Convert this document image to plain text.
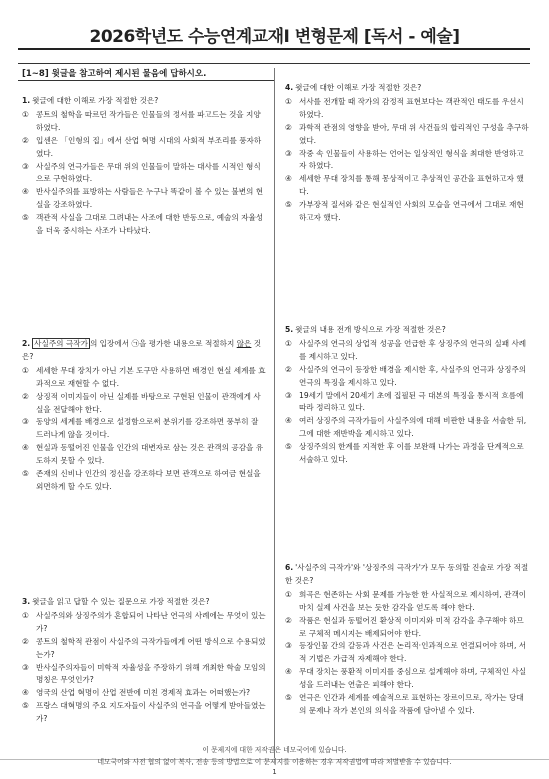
2026학년도 수능연계교재Ⅰ 변형문제 [독서 - 예술]
[1~8] 윗글을 참고하여 제시된 물음에 답하시오.
1. 윗글에 대한 이해로 가장 적절한 것은?
① 콩트의 철학을 따르던 작가들은 인물들의 정서를 파고드는 것을 지양하였다.
② 입센은 「인형의 집」에서 산업 혁명 시대의 사회적 부조리를 풍자하였다.
③ 사실주의 연극가들은 무대 위의 인물들이 말하는 대사를 시적인 형식으로 구현하였다.
④ 반사실주의를 표방하는 사람들은 누구나 똑같이 볼 수 있는 불변의 현실을 강조하였다.
⑤ 객관적 사실을 그대로 그려내는 사조에 대한 반동으로, 예술의 자율성을 더욱 중시하는 사조가 나타났다.
2. 사실주의 극작가 의 입장에서 ㉠을 평가한 내용으로 적절하지 않은 것은?
① 세세한 무대 장치가 아닌 기본 도구만 사용하면 배경인 현실 세계를 효과적으로 재현할 수 없다.
② 상징적 이미지들이 아닌 실제를 바탕으로 구현된 인물이 관객에게 사실을 전달해야 한다.
③ 동양의 세계를 배경으로 설정함으로써 분위기를 강조하면 풍부히 잘 드러나게 않을 것이다.
④ 현실과 동떨어진 인물을 인간의 대변자로 삼는 것은 관객의 공감을 유도하지 못할 수 있다.
⑤ 존재의 신비나 인간의 정신을 강조하다 보면 관객으로 하여금 현실을 외면하게 할 수도 있다.
3. 윗글을 읽고 답할 수 있는 질문으로 가장 적절한 것은?
① 사실주의와 상징주의가 혼합되어 나타난 연극의 사례에는 무엇이 있는가?
② 콩트의 철학적 관점이 사실주의 극작가들에게 어떤 방식으로 수용되었는가?
③ 반사실주의자들이 미학적 자율성을 주장하기 위해 개최한 학술 모임의 명칭은 무엇인가?
④ 영국의 산업 혁명이 산업 전반에 미친 경제적 효과는 어떠했는가?
⑤ 프랑스 대혁명의 주요 지도자들이 사실주의 연극을 어떻게 받아들였는가?
4. 윗글에 대한 이해로 가장 적절한 것은?
① 서사를 전개할 때 작가의 감정적 표현보다는 객관적인 태도를 우선시하였다.
② 과학적 관점의 영향을 받아, 무대 위 사건들의 합리적인 구성을 추구하였다.
③ 작중 속 인물들이 사용하는 언어는 일상적인 형식을 최대한 반영하고자 하였다.
④ 세세한 무대 장치를 통해 몽상적이고 추상적인 공간을 표현하고자 했다.
⑤ 가부장적 질서와 같은 현실적인 사회의 모습을 연극에서 그대로 재현하고자 했다.
5. 윗글의 내용 전개 방식으로 가장 적절한 것은?
① 사실주의 연극의 상업적 성공을 언급한 후 상징주의 연극의 실패 사례를 제시하고 있다.
② 사실주의 연극이 등장한 배경을 제시한 후, 사실주의 연극과 상징주의 연극의 특징을 제시하고 있다.
③ 19세기 말에서 20세기 초에 집필된 극 대본의 특징을 통시적 흐름에 따라 정리하고 있다.
④ 여러 상징주의 극작가들이 사실주의에 대해 비판한 내용을 서술한 뒤, 그에 대한 재반박을 제시하고 있다.
⑤ 상징주의의 한계를 지적한 후 이를 보완해 나가는 과정을 단계적으로 서술하고 있다.
6. '사실주의 극작가'와 '상징주의 극작가'가 모두 동의할 진술로 가장 적절한 것은?
① 희곡은 현존하는 사회 문제를 가능한 한 사실적으로 제시하여, 관객이 마치 실제 사건을 보는 듯한 감각을 얻도록 해야 한다.
② 작품은 현실과 동떨어진 환상적 이미지와 미적 감각을 추구해야 하므로 구체적 메시지는 배제되어야 한다.
③ 등장인물 간의 갈등과 사건은 논리적·인과적으로 연결되어야 하며, 서적 기법은 가급적 자제해야 한다.
④ 무대 장치는 풍환적 이미지를 중심으로 설계해야 하며, 구체적인 사실성을 드러내는 연출은 피해야 한다.
⑤ 연극은 인간과 세계를 예술적으로 표현하는 장르이므로, 작가는 당대의 문제나 작가 본인의 의식을 작품에 담아낼 수 있다.
이 문제지에 대한 저작권은 네모국어에 있습니다.
네모국어와 사전 협의 없이 복사, 전송 등의 방법으로 이 문제지를 이용하는 경우 저작권법에 따라 처벌받을 수 있습니다.
1
